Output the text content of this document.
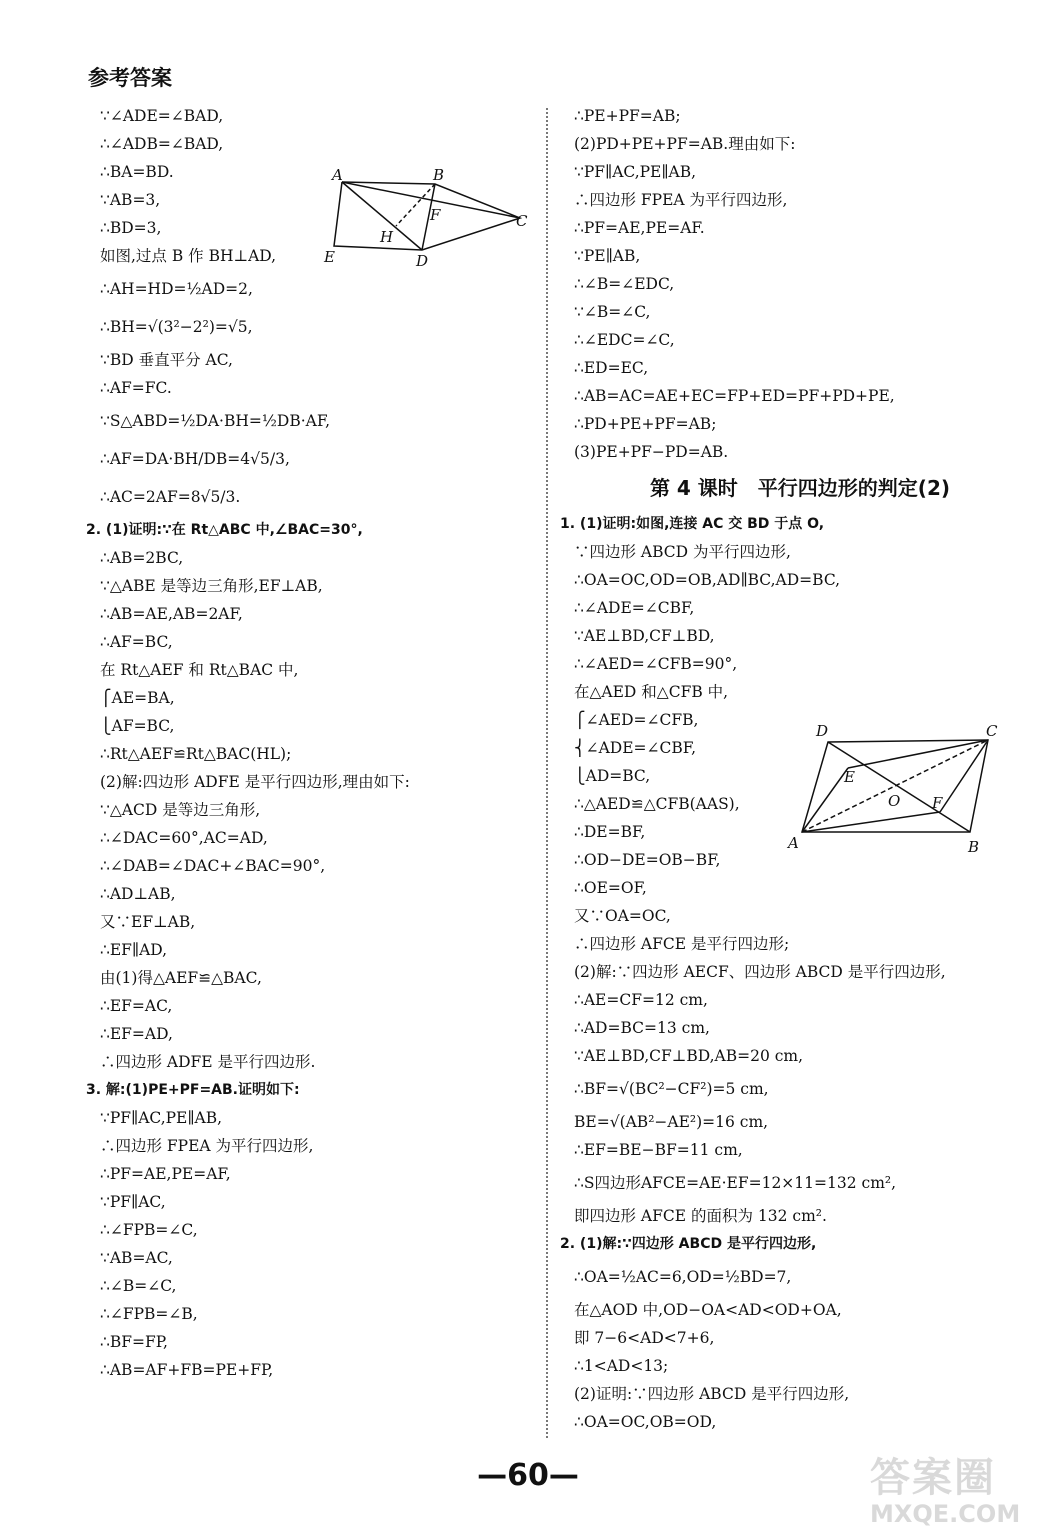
参考答案
∵∠ADE=∠BAD,
∴∠ADB=∠BAD,
∴BA=BD.
∵AB=3,
∴BD=3,
如图,过点 B 作 BH⊥AD,
∴AH=HD=½AD=2,
∴BH=√(3²−2²)=√5,
∵BD 垂直平分 AC,
∴AF=FC.
∵S△ABD=½DA·BH=½DB·AF,
∴AF=DA·BH/DB=4√5/3,
∴AC=2AF=8√5/3.
2. (1)证明:∵在 Rt△ABC 中,∠BAC=30°,
∴AB=2BC,
∵△ABE 是等边三角形,EF⊥AB,
∴AB=AE,AB=2AF,
∴AF=BC,
在 Rt△AEF 和 Rt△BAC 中,
⎧AE=BA,
⎩AF=BC,
∴Rt△AEF≌Rt△BAC(HL);
(2)解:四边形 ADFE 是平行四边形,理由如下:
∵△ACD 是等边三角形,
∴∠DAC=60°,AC=AD,
∴∠DAB=∠DAC+∠BAC=90°,
∴AD⊥AB,
又∵EF⊥AB,
∴EF∥AD,
由(1)得△AEF≌△BAC,
∴EF=AC,
∴EF=AD,
∴四边形 ADFE 是平行四边形.
3. 解:(1)PE+PF=AB.证明如下:
∵PF∥AC,PE∥AB,
∴四边形 FPEA 为平行四边形,
∴PF=AE,PE=AF,
∵PF∥AC,
∴∠FPB=∠C,
∵AB=AC,
∴∠B=∠C,
∴∠FPB=∠B,
∴BF=FP,
∴AB=AF+FB=PE+FP,
A	B
C
D
E
F
H
∴PE+PF=AB;
(2)PD+PE+PF=AB.理由如下:
∵PF∥AC,PE∥AB,
∴四边形 FPEA 为平行四边形,
∴PF=AE,PE=AF.
∵PE∥AB,
∴∠B=∠EDC,
∵∠B=∠C,
∴∠EDC=∠C,
∴ED=EC,
∴AB=AC=AE+EC=FP+ED=PF+PD+PE,
∴PD+PE+PF=AB;
(3)PE+PF−PD=AB.
第 4 课时　平行四边形的判定(2)
1. (1)证明:如图,连接 AC 交 BD 于点 O,
∵四边形 ABCD 为平行四边形,
∴OA=OC,OD=OB,AD∥BC,AD=BC,
∴∠ADE=∠CBF,
∵AE⊥BD,CF⊥BD,
∴∠AED=∠CFB=90°,
在△AED 和△CFB 中,
⎧∠AED=∠CFB,
⎨∠ADE=∠CBF,
⎩AD=BC,
∴△AED≌△CFB(AAS),
∴DE=BF,
∴OD−DE=OB−BF,
∴OE=OF,
又∵OA=OC,
∴四边形 AFCE 是平行四边形;
(2)解:∵四边形 AECF、四边形 ABCD 是平行四边形,
∴AE=CF=12 cm,
∴AD=BC=13 cm,
∵AE⊥BD,CF⊥BD,AB=20 cm,
∴BF=√(BC²−CF²)=5 cm,
BE=√(AB²−AE²)=16 cm,
∴EF=BE−BF=11 cm,
∴S四边形AFCE=AE·EF=12×11=132 cm²,
即四边形 AFCE 的面积为 132 cm².
2. (1)解:∵四边形 ABCD 是平行四边形,
∴OA=½AC=6,OD=½BD=7,
在△AOD 中,OD−OA<AD<OD+OA,
即 7−6<AD<7+6,
∴1<AD<13;
(2)证明:∵四边形 ABCD 是平行四边形,
∴OA=OC,OB=OD,
A	B
C
D
E
F
O
—60—	答案圈
MXQE.COM
